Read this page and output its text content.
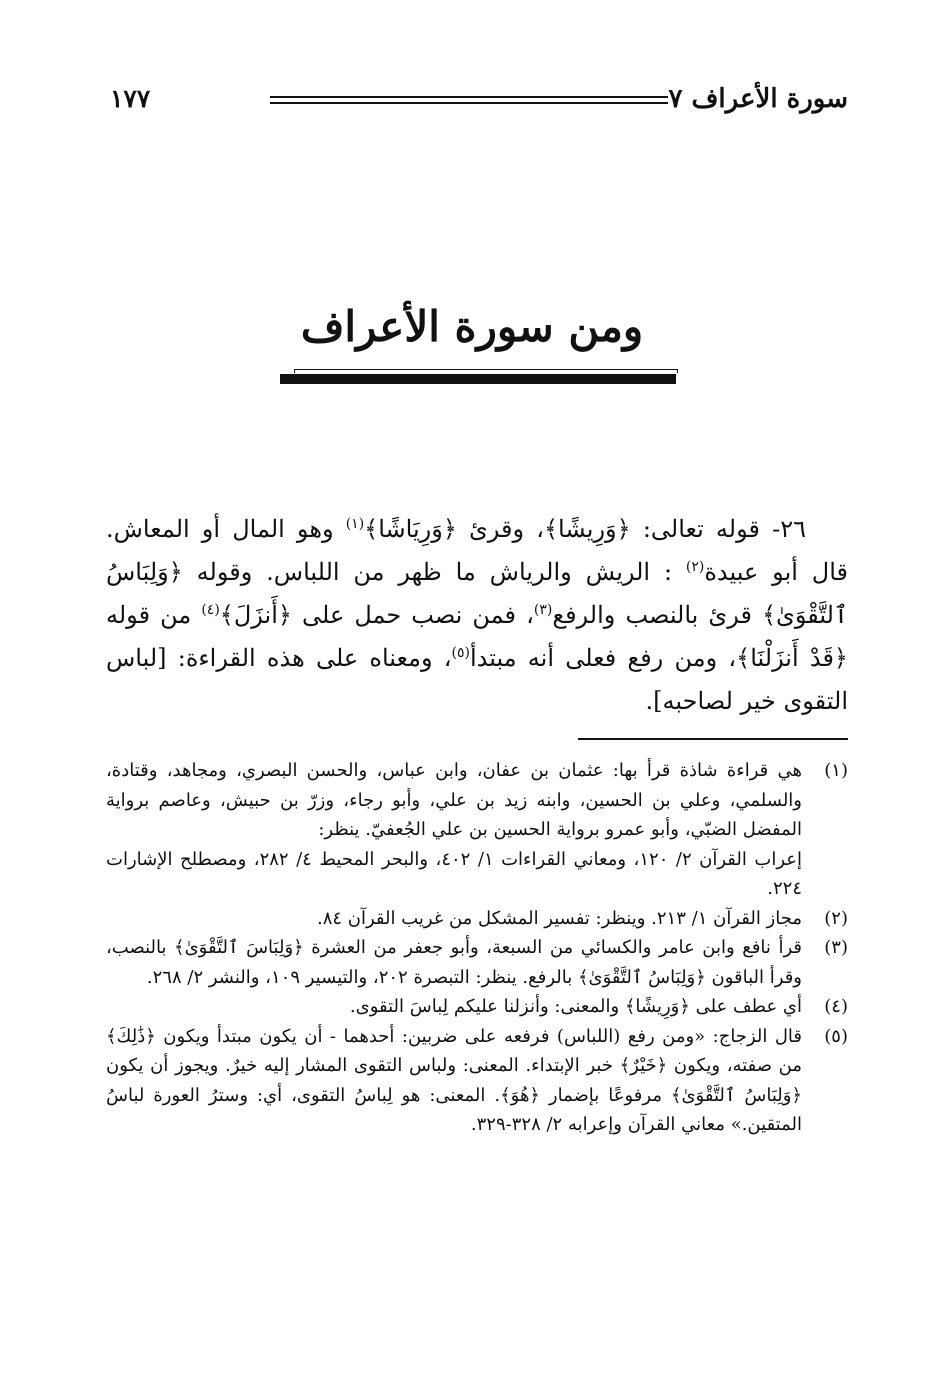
١٧٧	سورة الأعراف ٧
ومن سورة الأعراف

٢٦- قوله تعالى: ﴿وَرِيشًا﴾، وقرئ ﴿وَرِيَاشًا﴾$^{(١)}$ وهو المال أو المعاش. قال أبو عبيدة$^{(٢)}$ : الريش والرياش ما ظهر من اللباس. وقوله ﴿وَلِبَاسُ ٱلتَّقْوَىٰ﴾ قرئ بالنصب والرفع$^{(٣)}$، فمن نصب حمل على ﴿أَنزَلَ﴾$^{(٤)}$ من قوله ﴿قَدْ أَنزَلْنَا﴾، ومن رفع فعلى أنه مبتدأ$^{(٥)}$، ومعناه على هذه القراءة: [لباس التقوى خير لصاحبه].

(١)
هي قراءة شاذة قرأ بها: عثمان بن عفان، وابن عباس، والحسن البصري، ومجاهد، وقتادة، والسلمي، وعلي بن الحسين، وابنه زيد بن علي، وأبو رجاء، وزرّ بن حبيش، وعاصم برواية المفضل الضبّي، وأبو عمرو برواية الحسين بن علي الجُعفيّ. ينظر:
إعراب القرآن ٢/ ١٢٠، ومعاني القراءات ١/ ٤٠٢، والبحر المحيط ٤/ ٢٨٢، ومصطلح الإشارات ٢٢٤.
(٢)
مجاز القرآن ١/ ٢١٣. وينظر: تفسير المشكل من غريب القرآن ٨٤.
(٣)
قرأ نافع وابن عامر والكسائي من السبعة، وأبو جعفر من العشرة ﴿وَلِبَاسَ ٱلتَّقْوَىٰ﴾ بالنصب، وقرأ الباقون ﴿وَلِبَاسُ ٱلتَّقْوَىٰ﴾ بالرفع. ينظر: التبصرة ٢٠٢، والتيسير ١٠٩، والنشر ٢/ ٢٦٨.
(٤)
أي عطف على ﴿وَرِيشًا﴾ والمعنى: وأنزلنا عليكم لِباسَ التقوى.
(٥)
قال الزجاج: «ومن رفع (اللباس) فرفعه على ضربين: أحدهما - أن يكون مبتدأ ويكون ﴿ذَٰلِكَ﴾ من صفته، ويكون ﴿خَيْرٌ﴾ خبر الإبتداء. المعنى: ولباس التقوى المشار إليه خيرٌ. ويجوز أن يكون ﴿وَلِبَاسُ ٱلتَّقْوَىٰ﴾ مرفوعًا بإضمار ﴿هُوَ﴾. المعنى: هو لِباسُ التقوى، أي: وسترُ العورة لباسُ المتقين.» معاني القرآن وإعرابه ٢/ ٣٢٨-٣٢٩.
